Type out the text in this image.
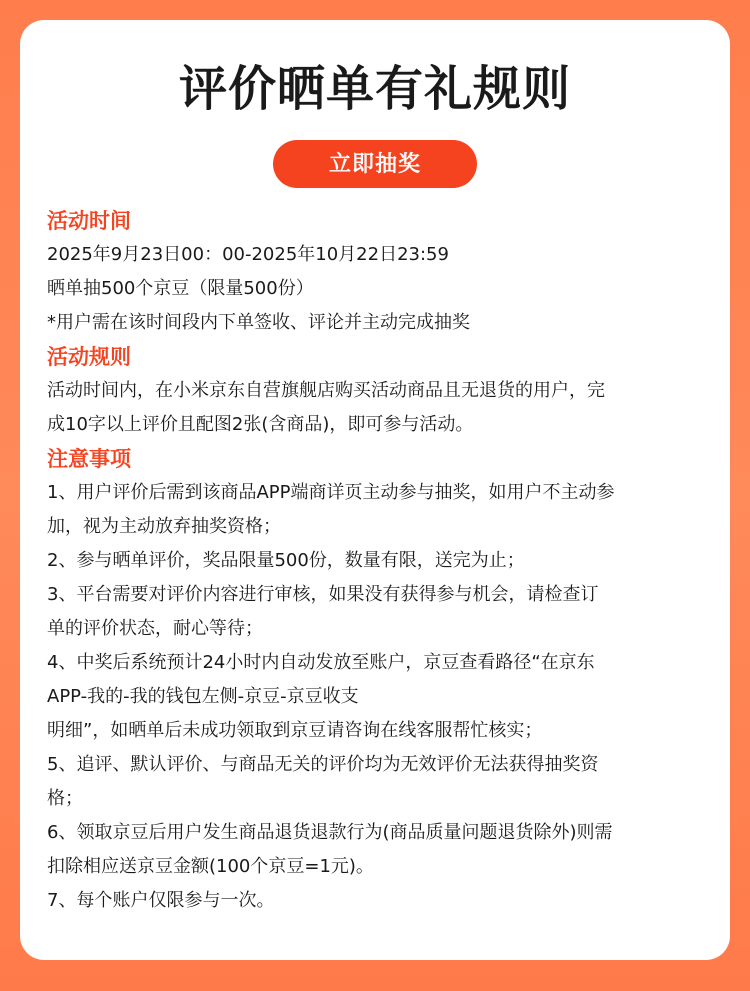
评价晒单有礼规则
立即抽奖

活动时间

2025年9月23日00：00-2025年10月22日23:59

晒单抽500个京豆（限量500份）

*用户需在该时间段内下单签收、评论并主动完成抽奖

活动规则

活动时间内，在小米京东自营旗舰店购买活动商品且无退货的用户，完

成10字以上评价且配图2张(含商品)，即可参与活动。

注意事项

1、用户评价后需到该商品APP端商详页主动参与抽奖，如用户不主动参

加，视为主动放弃抽奖资格；

2、参与晒单评价，奖品限量500份，数量有限，送完为止；

3、平台需要对评价内容进行审核，如果没有获得参与机会，请检查订

单的评价状态，耐心等待；

4、中奖后系统预计24小时内自动发放至账户，京豆查看路径“在京东

APP-我的-我的钱包左侧-京豆-京豆收支

明细”，如晒单后未成功领取到京豆请咨询在线客服帮忙核实；

5、追评、默认评价、与商品无关的评价均为无效评价无法获得抽奖资

格；

6、领取京豆后用户发生商品退货退款行为(商品质量问题退货除外)则需

扣除相应送京豆金额(100个京豆=1元)。

7、每个账户仅限参与一次。
